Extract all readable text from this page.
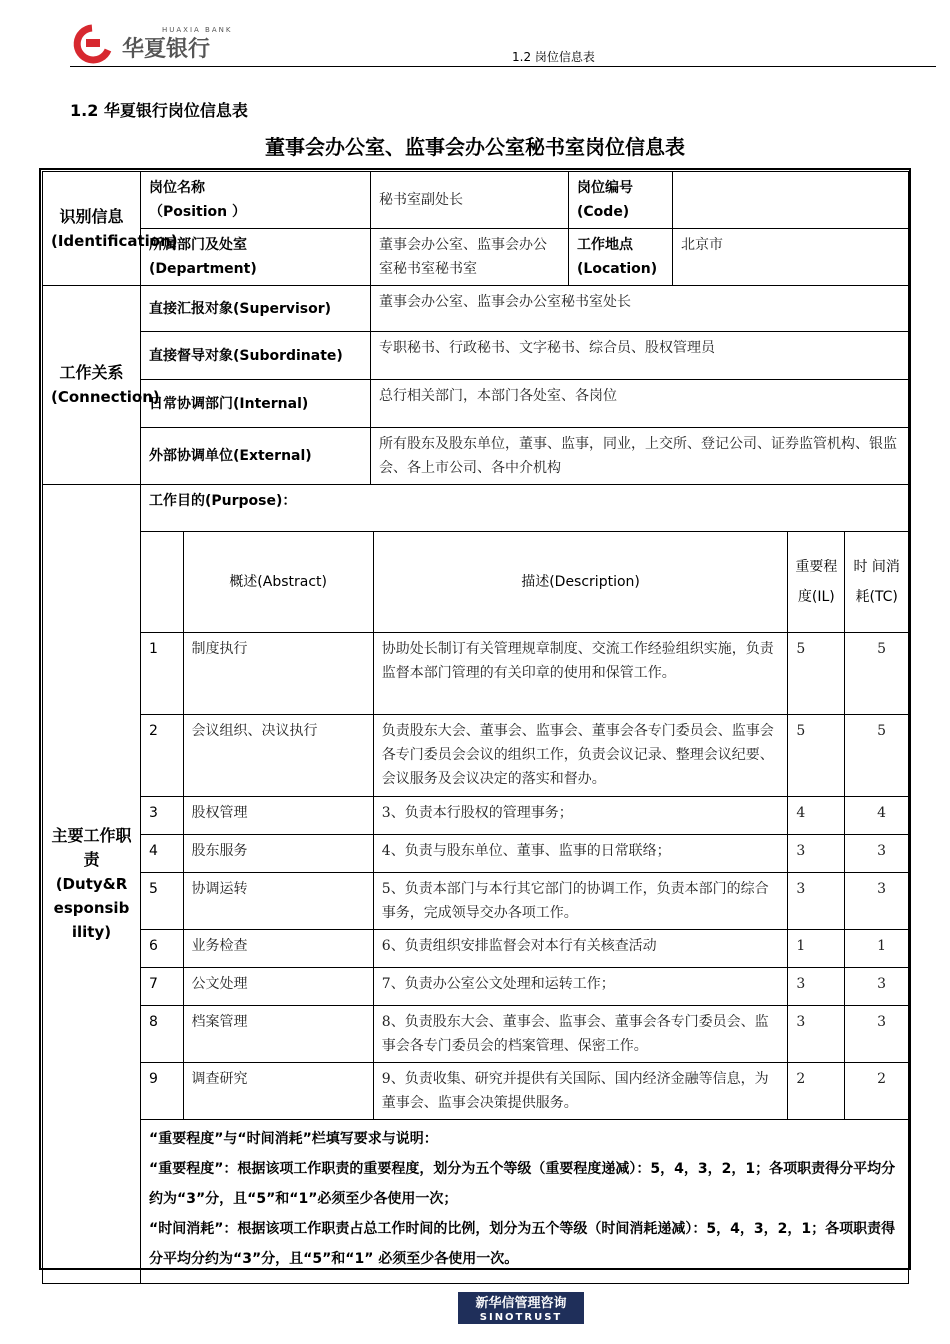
HUAXIA BANK
华夏银行	1.2 岗位信息表
1.2 华夏银行岗位信息表
董事会办公室、监事会办公室秘书室岗位信息表
识别信息
(Identification)

岗位名称
（Position ）
	秘书室副处长	
岗位编号
(Code)

所属部门及处室
(Department)
	董事会办公室、监事会办公室秘书室秘书室	
工作地点
(Location)
	北京市

工作关系
(Connection)
	直接汇报对象(Supervisor)	董事会办公室、监事会办公室秘书室处长
直接督导对象(Subordinate)	专职秘书、行政秘书、文字秘书、综合员、股权管理员
日常协调部门(Internal)	总行相关部门，本部门各处室、各岗位
外部协调单位(External)	所有股东及股东单位，董事、监事，同业，上交所、登记公司、证券监管机构、银监会、各上市公司、各中介机构

主要工作职责
(Duty&Responsibility)

工作目的(Purpose)：
	概述(Abstract)	描述(Description)	重要程度(IL)	时 间消 耗(TC)
1	制度执行	协助处长制订有关管理规章制度、交流工作经验组织实施，负责监督本部门管理的有关印章的使用和保管工作。	5	5
2	会议组织、决议执行	负责股东大会、董事会、监事会、董事会各专门委员会、监事会各专门委员会会议的组织工作，负责会议记录、整理会议纪要、会议服务及会议决定的落实和督办。	5	5
3	股权管理	3、负责本行股权的管理事务；	4	4
4	股东服务	4、负责与股东单位、董事、监事的日常联络；	3	3
5	协调运转	5、负责本部门与本行其它部门的协调工作，负责本部门的综合事务，完成领导交办各项工作。	3	3
6	业务检查	6、负责组织安排监督会对本行有关核查活动	1	1
7	公文处理	7、负责办公室公文处理和运转工作；	3	3
8	档案管理	8、负责股东大会、董事会、监事会、董事会各专门委员会、监事会各专门委员会的档案管理、保密工作。	3	3
9	调查研究	9、负责收集、研究并提供有关国际、国内经济金融等信息，为董事会、监事会决策提供服务。	2	2
“重要程度”与“时间消耗”栏填写要求与说明：
“重要程度”：根据该项工作职责的重要程度，划分为五个等级（重要程度递减）：5，4，3，2，1；各项职责得分平均分约为“3”分，且“5”和“1”必须至少各使用一次；
“时间消耗”：根据该项工作职责占总工作时间的比例，划分为五个等级（时间消耗递减）：5，4，3，2，1；各项职责得分平均分约为“3”分，且“5”和“1” 必须至少各使用一次。
新华信管理咨询
SINOTRUST
